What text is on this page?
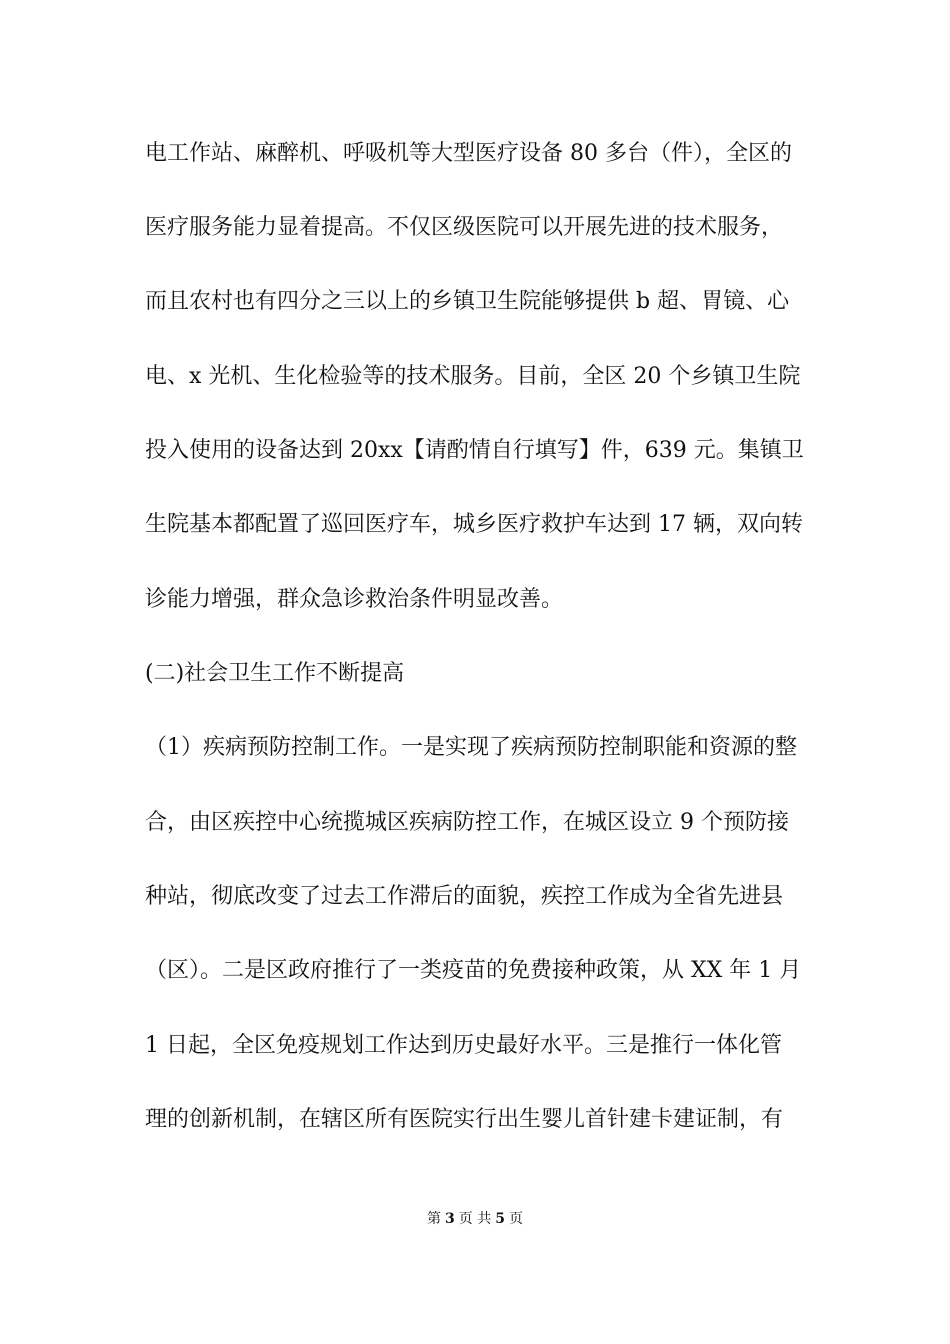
电工作站、麻醉机、呼吸机等大型医疗设备 80 多台（件），全区的
医疗服务能力显着提高。不仅区级医院可以开展先进的技术服务，
而且农村也有四分之三以上的乡镇卫生院能够提供 b 超、胃镜、心
电、x 光机、生化检验等的技术服务。目前，全区 20 个乡镇卫生院
投入使用的设备达到 20xx【请酌情自行填写】件，639 元。集镇卫
生院基本都配置了巡回医疗车，城乡医疗救护车达到 17 辆，双向转
诊能力增强，群众急诊救治条件明显改善。
(二)社会卫生工作不断提高
（1）疾病预防控制工作。一是实现了疾病预防控制职能和资源的整
合，由区疾控中心统揽城区疾病防控工作，在城区设立 9 个预防接
种站，彻底改变了过去工作滞后的面貌，疾控工作成为全省先进县
（区）。二是区政府推行了一类疫苗的免费接种政策，从 XX 年 1 月
1 日起，全区免疫规划工作达到历史最好水平。三是推行一体化管
理的创新机制，在辖区所有医院实行出生婴儿首针建卡建证制，有
第 3 页 共 5 页
